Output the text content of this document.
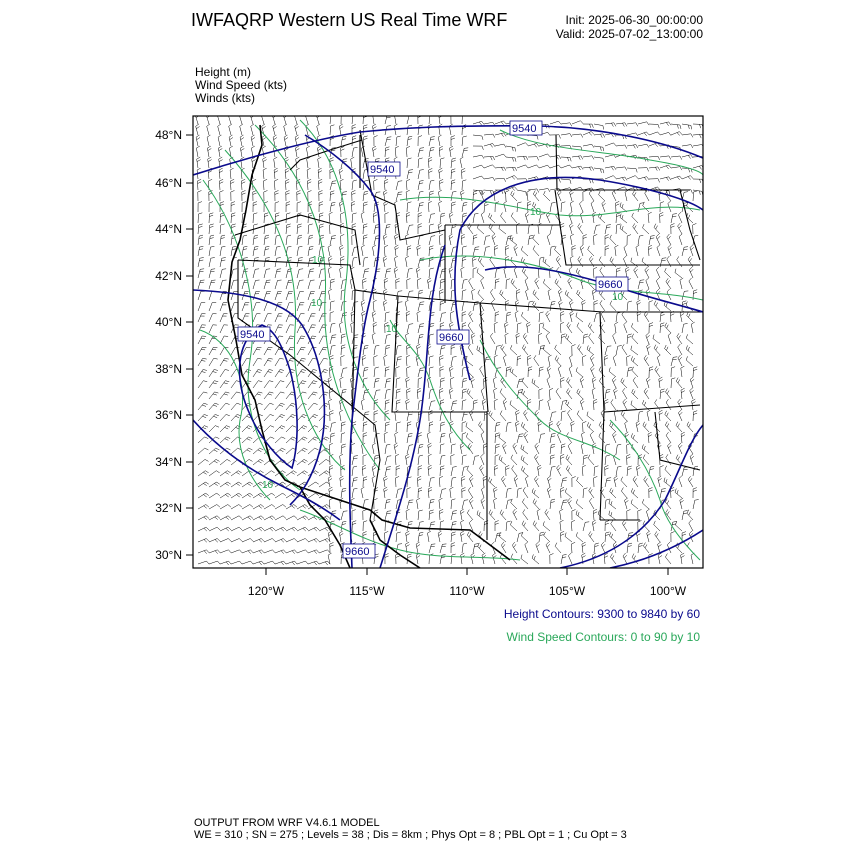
IWFAQRP Western US Real Time WRF	Init: 2025-06-30_00:00:00
Valid: 2025-07-02_13:00:00
Height (m)
Wind Speed (kts)
Winds (kts)
9540
9540
9540
9660
9660
9660
10
10
10
10
10
10
48°N
46°N
44°N
42°N
40°N
38°N
36°N
34°N
32°N
30°N
120°W	115°W	110°W	105°W	100°W
Height Contours: 9300 to 9840 by 60
Wind Speed Contours: 0 to 90 by 10
OUTPUT FROM WRF V4.6.1 MODEL
WE = 310 ; SN = 275 ; Levels = 38 ; Dis = 8km ; Phys Opt = 8 ; PBL Opt = 1 ; Cu Opt = 3
